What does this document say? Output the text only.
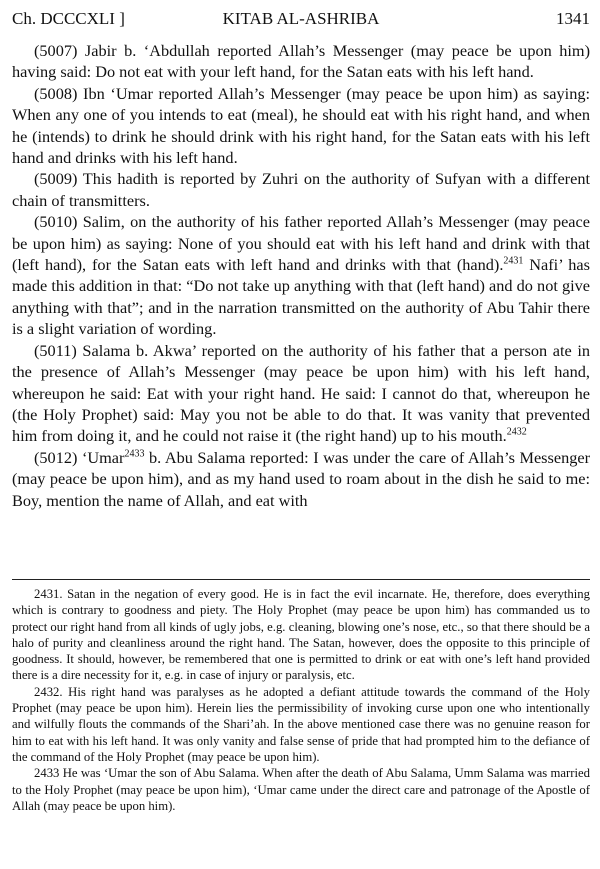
Ch. DCCCXLI ]	KITAB AL-ASHRIBA	1341

(5007) Jabir b. ‘Abdullah reported Allah’s Messenger (may peace be upon him) having said: Do not eat with your left hand, for the Satan eats with his left hand.

(5008) Ibn ‘Umar reported Allah’s Messenger (may peace be upon him) as saying: When any one of you intends to eat (meal), he should eat with his right hand, and when he (intends) to drink he should drink with his right hand, for the Satan eats with his left hand and drinks with his left hand.

(5009) This hadith is reported by Zuhri on the authority of Sufyan with a different chain of transmitters.

(5010) Salim, on the authority of his father reported Allah’s Messenger (may peace be upon him) as saying: None of you should eat with his left hand and drink with that (left hand), for the Satan eats with left hand and drinks with that (hand).$^{2431}$ Nafi’ has made this addition in that: “Do not take up anything with that (left hand) and do not give anything with that”; and in the narration transmitted on the authority of Abu Tahir there is a slight variation of wording.

(5011) Salama b. Akwa’ reported on the authority of his father that a person ate in the presence of Allah’s Messenger (may peace be upon him) with his left hand, whereupon he said: Eat with your right hand. He said: I cannot do that, whereupon he (the Holy Prophet) said: May you not be able to do that. It was vanity that prevented him from doing it, and he could not raise it (the right hand) up to his mouth.$^{2432}$

(5012) ‘Umar$^{2433}$ b. Abu Salama reported: I was under the care of Allah’s Messenger (may peace be upon him), and as my hand used to roam about in the dish he said to me: Boy, mention the name of Allah, and eat with

2431. Satan in the negation of every good. He is in fact the evil incarnate. He, therefore, does everything which is contrary to goodness and piety. The Holy Prophet (may peace be upon him) has commanded us to protect our right hand from all kinds of ugly jobs, e.g. cleaning, blowing one’s nose, etc., so that there should be a halo of purity and cleanliness around the right hand. The Satan, however, does the opposite to this principle of goodness. It should, however, be remembered that one is permitted to drink or eat with one’s left hand provided there is a dire necessity for it, e.g. in case of injury or paralysis, etc.

2432. His right hand was paralyses as he adopted a defiant attitude towards the command of the Holy Prophet (may peace be upon him). Herein lies the permissibility of invoking curse upon one who intentionally and wilfully flouts the commands of the Shari’ah. In the above mentioned case there was no genuine reason for him to eat with his left hand. It was only vanity and false sense of pride that had prompted him to the defiance of the command of the Holy Prophet (may peace be upon him).

2433 He was ‘Umar the son of Abu Salama. When after the death of Abu Salama, Umm Salama was married to the Holy Prophet (may peace be upon him), ‘Umar came under the direct care and patronage of the Apostle of Allah (may peace be upon him).
